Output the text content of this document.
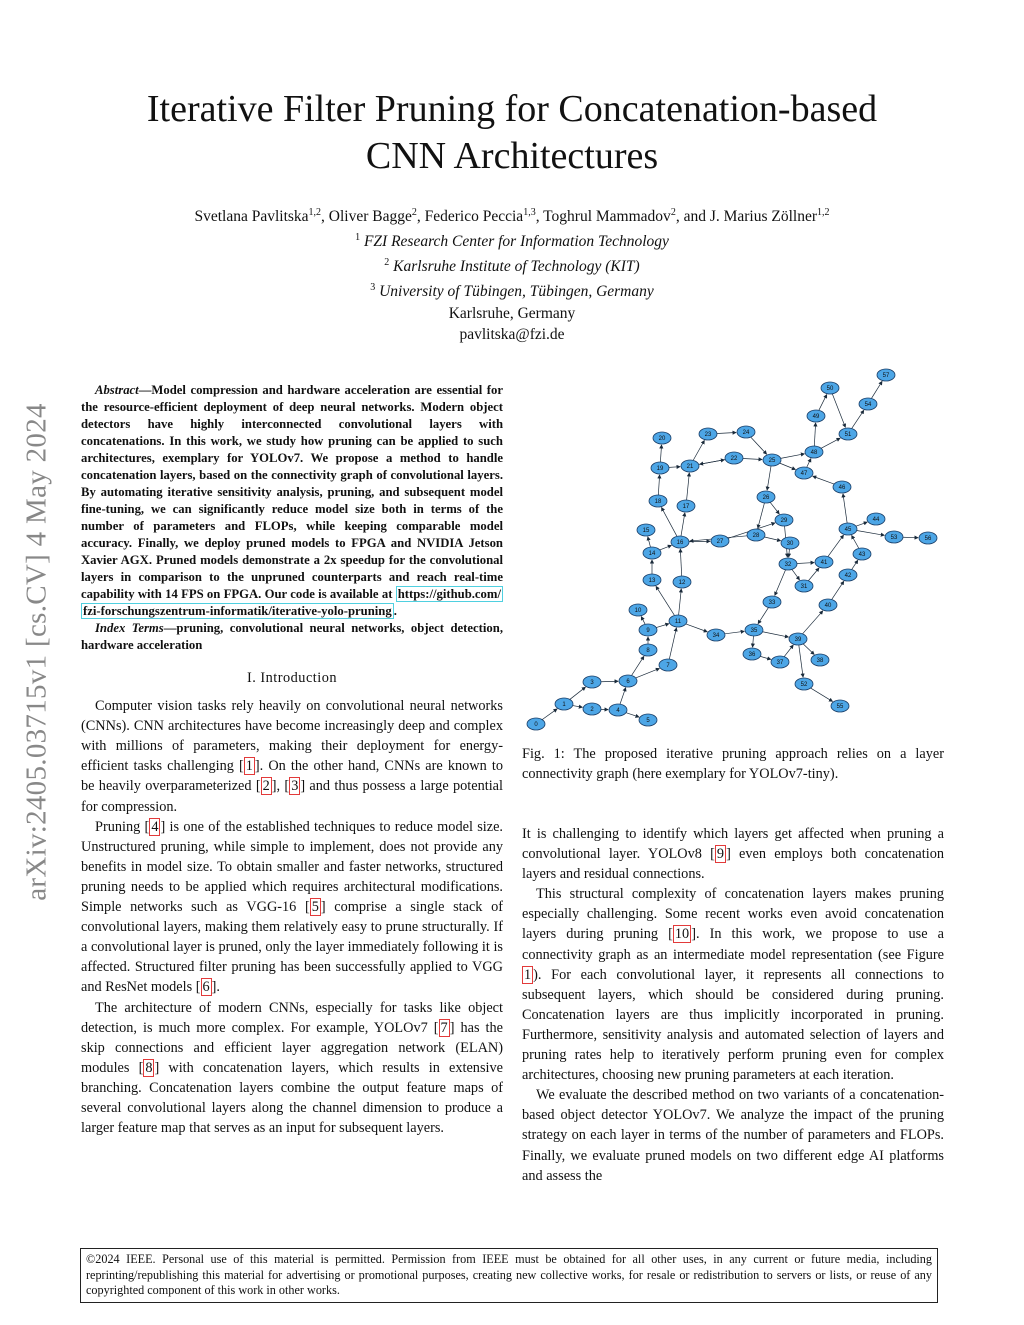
arXiv:2405.03715v1 [cs.CV] 4 May 2024
Iterative Filter Pruning for Concatenation-based
CNN Architectures
Svetlana Pavlitska$^{1,2}$, Oliver Bagge$^2$, Federico Peccia$^{1,3}$, Toghrul Mammadov$^2$, and J. Marius Zöllner$^{1,2}$
$^1$ FZI Research Center for Information Technology
$^2$ Karlsruhe Institute of Technology (KIT)
$^3$ University of Tübingen, Tübingen, Germany
Karlsruhe, Germany
pavlitska@fzi.de

Abstract—Model compression and hardware acceleration are essential for the resource-efficient deployment of deep neural networks. Modern object detectors have highly interconnected convolutional layers with concatenations. In this work, we study how pruning can be applied to such architectures, exemplary for YOLOv7. We propose a method to handle concatenation layers, based on the connectivity graph of convolutional layers. By automating iterative sensitivity analysis, pruning, and subsequent model fine-tuning, we can significantly reduce model size both in terms of the number of parameters and FLOPs, while keeping comparable model accuracy. Finally, we deploy pruned models to FPGA and NVIDIA Jetson Xavier AGX. Pruned models demonstrate a 2x speedup for the convolutional layers in comparison to the unpruned counterparts and reach real-time capability with 14 FPS on FPGA. Our code is available at https://github.com/ fzi-forschungszentrum-informatik/iterative-yolo-pruning .

Index Terms—pruning, convolutional neural networks, object detection, hardware acceleration

I. Introduction

Computer vision tasks rely heavily on convolutional neural networks (CNNs). CNN architectures have become increasingly deep and complex with millions of parameters, making their deployment for energy-efficient tasks challenging [ 1 ]. On the other hand, CNNs are known to be heavily overparameterized [ 2 ], [ 3 ] and thus possess a large potential for compression.

Pruning [ 4 ] is one of the established techniques to reduce model size. Unstructured pruning, while simple to implement, does not provide any benefits in model size. To obtain smaller and faster networks, structured pruning needs to be applied which requires architectural modifications. Simple networks such as VGG-16 [ 5 ] comprise a single stack of convolutional layers, making them relatively easy to prune structurally. If a convolutional layer is pruned, only the layer immediately following it is affected. Structured filter pruning has been successfully applied to VGG and ResNet models [ 6 ].

The architecture of modern CNNs, especially for tasks like object detection, is much more complex. For example, YOLOv7 [ 7 ] has the skip connections and efficient layer aggregation network (ELAN) modules [ 8 ] with concatenation layers, which results in extensive branching. Concatenation layers combine the output feature maps of several convolutional layers along the channel dimension to produce a larger feature map that serves as an input for subsequent layers.

0
1
2
3
4
5
6
7
8
9
10
11
12
13
14
15
16
17
18
19
20
21
22
23	24
25
26
27
28
29
30
31
32
33
34
35
36
37	38
39
40
41
42
43
44
45
46
47
48
49
50
51
52
53
54
55
56
57

Fig. 1: The proposed iterative pruning approach relies on a layer connectivity graph (here exemplary for YOLOv7-tiny).

It is challenging to identify which layers get affected when pruning a convolutional layer. YOLOv8 [ 9 ] even employs both concatenation layers and residual connections.

This structural complexity of concatenation layers makes pruning especially challenging. Some recent works even avoid concatenation layers during pruning [ 10 ]. In this work, we propose to use a connectivity graph as an intermediate model representation (see Figure 1 ). For each convolutional layer, it represents all connections to subsequent layers, which should be considered during pruning. Concatenation layers are thus implicitly incorporated in pruning. Furthermore, sensitivity analysis and automated selection of layers and pruning rates help to iteratively perform pruning even for complex architectures, choosing new pruning parameters at each iteration.

We evaluate the described method on two variants of a concatenation-based object detector YOLOv7. We analyze the impact of the pruning strategy on each layer in terms of the number of parameters and FLOPs. Finally, we evaluate pruned models on two different edge AI platforms and assess the

©2024 IEEE. Personal use of this material is permitted. Permission from IEEE must be obtained for all other uses, in any current or future media, including reprinting/republishing this material for advertising or promotional purposes, creating new collective works, for resale or redistribution to servers or lists, or reuse of any copyrighted component of this work in other works.
